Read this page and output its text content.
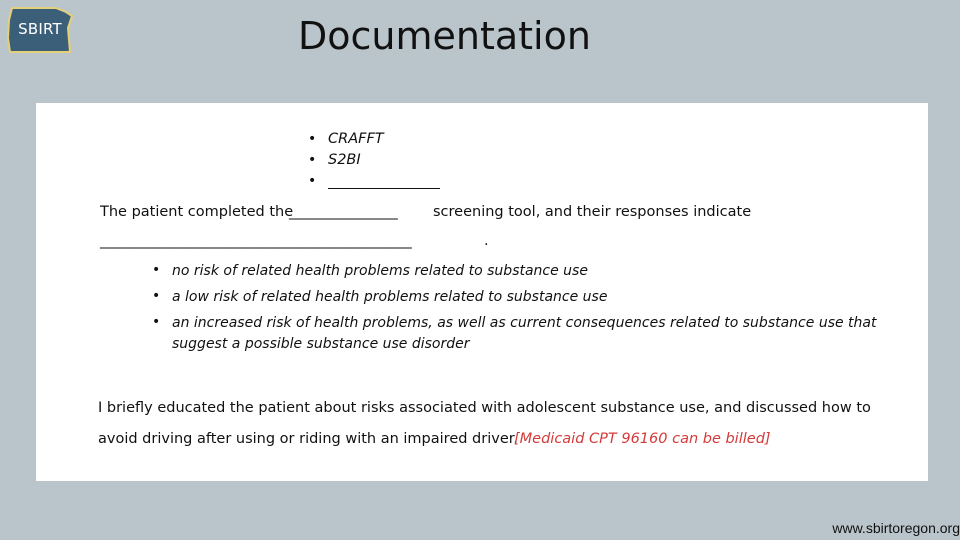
SBIRT	Documentation
• CRAFFT
• S2BI
•
The patient completed the
_______________ screening tool, and their responses indicate
___________________________________________	.
• no risk of related health problems related to substance use
• a low risk of related health problems related to substance use
• an increased risk of health problems, as well as current consequences related to substance use that
suggest a possible substance use disorder
I briefly educated the patient about risks associated with adolescent substance use, and discussed how to
avoid driving after using or riding with an impaired driver.
[Medicaid CPT 96160 can be billed]
www.sbirtoregon.org
